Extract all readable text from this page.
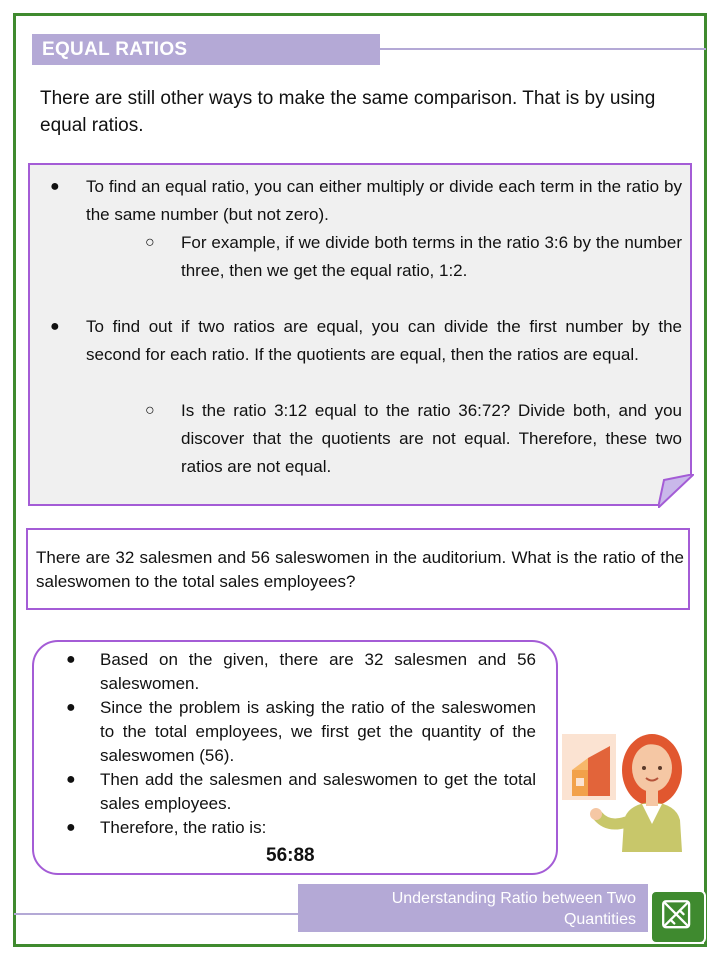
EQUAL RATIOS

There are still other ways to make the same comparison. That is by using equal ratios.

● To find an equal ratio, you can either multiply or divide each term in the ratio by the same number (but not zero).

○ For example, if we divide both terms in the ratio 3:6 by the number three, then we get the equal ratio, 1:2.

● To find out if two ratios are equal, you can divide the first number by the second for each ratio. If the quotients are equal, then the ratios are equal.

○ Is the ratio 3:12 equal to the ratio 36:72? Divide both, and you discover that the quotients are not equal. Therefore, these two ratios are not equal.

There are 32 salesmen and 56 saleswomen in the auditorium. What is the ratio of the saleswomen to the total sales employees?

● Based on the given, there are 32 salesmen and 56 saleswomen.

● Since the problem is asking the ratio of the saleswomen to the total employees, we first get the quantity of the saleswomen (56).

● Then add the salesmen and saleswomen to get the total sales employees.

● Therefore, the ratio is:

56:88

Understanding Ratio between Two Quantities
